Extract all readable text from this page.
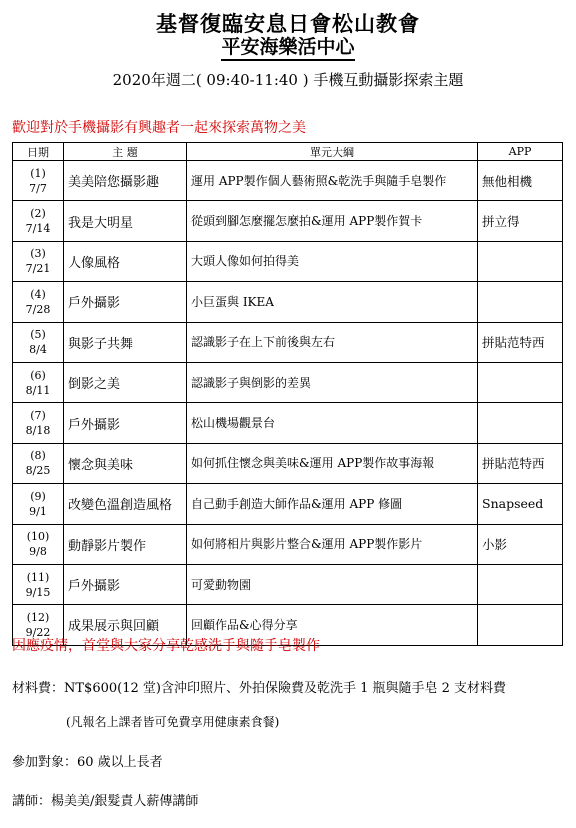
基督復臨安息日會松山教會
平安海樂活中心
2020年週二( 09:40-11:40 ) 手機互動攝影探索主題
歡迎對於手機攝影有興趣者一起來探索萬物之美
日期	主 題	單元大綱	APP

(1)
7/7	美美陪您攝影趣	運用 APP製作個人藝術照&乾洗手與隨手皂製作	無他相機

(2)
7/14	我是大明星	從頭到腳怎麼擺怎麼拍&運用 APP製作賀卡	拼立得

(3)
7/21	人像風格	大頭人像如何拍得美	

(4)
7/28	戶外攝影	小巨蛋與 IKEA	

(5)
8/4	與影子共舞	認識影子在上下前後與左右	拼貼范特西

(6)
8/11	倒影之美	認識影子與倒影的差異	

(7)
8/18	戶外攝影	松山機場觀景台	

(8)
8/25	懷念與美味	如何抓住懷念與美味&運用 APP製作故事海報	拼貼范特西

(9)
9/1	改變色溫創造風格	自己動手創造大師作品&運用 APP 修圖	Snapseed

(10)
9/8	動靜影片製作	如何將相片與影片整合&運用 APP製作影片	小影

(11)
9/15	戶外攝影	可愛動物園	

(12)
9/22	成果展示與回顧	回顧作品&心得分享	
因應疫情，首堂與大家分享乾感洗手與隨手皂製作
材料費：NT$600(12 堂)含沖印照片、外拍保險費及乾洗手 1 瓶與隨手皂 2 支材料費
(凡報名上課者皆可免費享用健康素食餐)
參加對象：60 歲以上長者
講師：楊美美/銀髮責人薪傳講師
